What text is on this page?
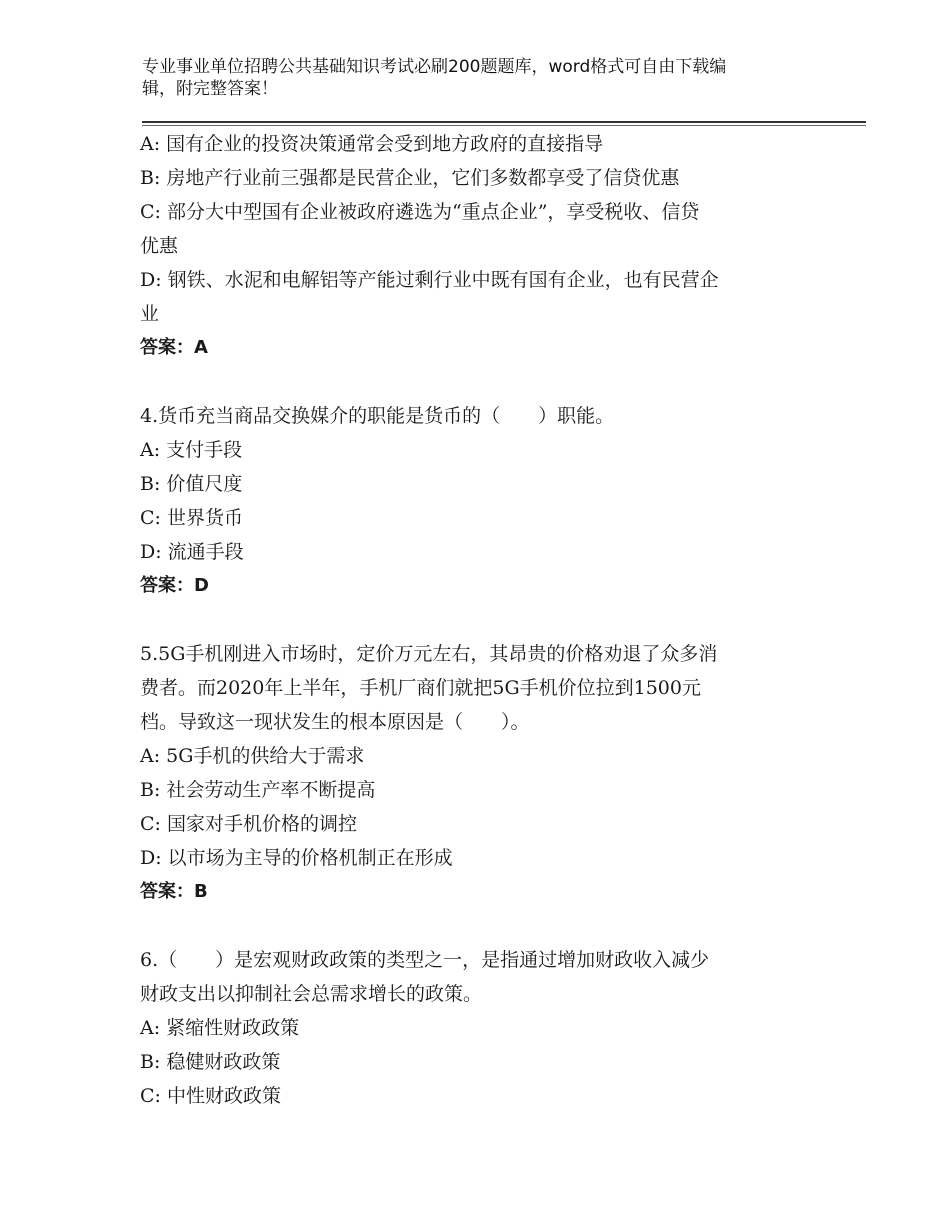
专业事业单位招聘公共基础知识考试必刷200题题库，word格式可自由下载编
辑，附完整答案！
A: 国有企业的投资决策通常会受到地方政府的直接指导
B: 房地产行业前三强都是民营企业，它们多数都享受了信贷优惠
C: 部分大中型国有企业被政府遴选为“重点企业”，享受税收、信贷
优惠
D: 钢铁、水泥和电解铝等产能过剩行业中既有国有企业，也有民营企
业
答案：A
4.货币充当商品交换媒介的职能是货币的（　　）职能。
A: 支付手段
B: 价值尺度
C: 世界货币
D: 流通手段
答案：D
5.5G手机刚进入市场时，定价万元左右，其昂贵的价格劝退了众多消
费者。而2020年上半年，手机厂商们就把5G手机价位拉到1500元
档。导致这一现状发生的根本原因是（　　）。
A: 5G手机的供给大于需求
B: 社会劳动生产率不断提高
C: 国家对手机价格的调控
D: 以市场为主导的价格机制正在形成
答案：B
6.（　　）是宏观财政政策的类型之一，是指通过增加财政收入减少
财政支出以抑制社会总需求增长的政策。
A: 紧缩性财政政策
B: 稳健财政政策
C: 中性财政政策
